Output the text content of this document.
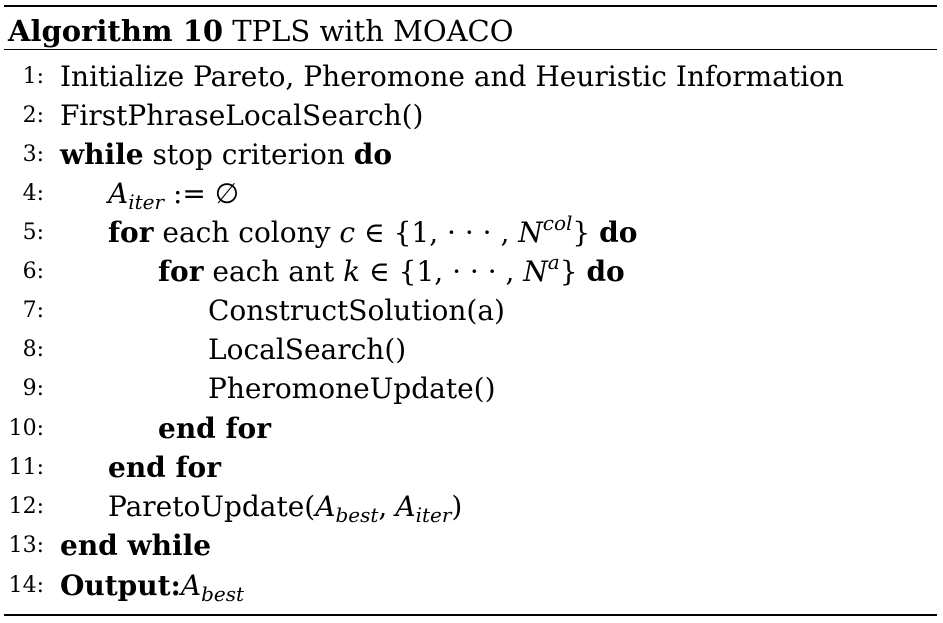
Algorithm 10 TPLS with MOACO
1: Initialize Pareto, Pheromone and Heuristic Information
2: FirstPhraseLocalSearch()
3: while stop criterion do
4: $A_{iter}$ := ∅
5: for each colony c ∈ {1, · · · , $N^{col}$} do
6:	for each ant k ∈ {1, · · · , $N^a$} do
7:	ConstructSolution(a)
8:	LocalSearch()
9:	PheromoneUpdate()
10:	end for
11: end for
12: $ParetoUpdate(A_{best}$, $A_{iter}$)
13: end while
14: $Output:A_{best}$
